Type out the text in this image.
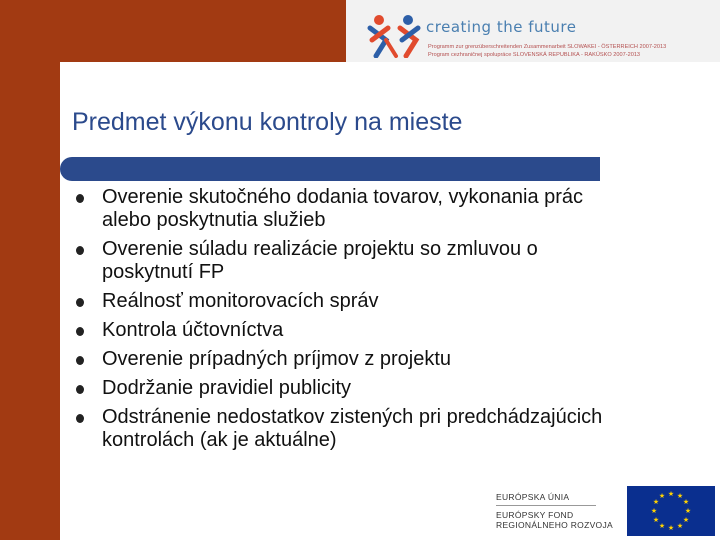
creating the future
Programm zur grenzüberschreitenden Zusammenarbeit SLOWAKEI - ÖSTERREICH 2007-2013
Program cezhraničnej spolupráce SLOVENSKÁ REPUBLIKA - RAKÚSKO 2007-2013
Predmet výkonu kontroly na mieste
Overenie skutočného dodania tovarov, vykonania prác alebo poskytnutia služieb
Overenie súladu realizácie projektu so zmluvou o poskytnutí FP
Reálnosť monitorovacích správ
Kontrola účtovníctva
Overenie prípadných príjmov z projektu
Dodržanie pravidiel publicity
Odstránenie nedostatkov zistených pri predchádzajúcich kontrolách (ak je aktuálne)
EURÓPSKA ÚNIA
EURÓPSKY FOND
REGIONÁLNEHO ROZVOJA
★ ★
★
★
★
★
★
★
★
★
★
★
